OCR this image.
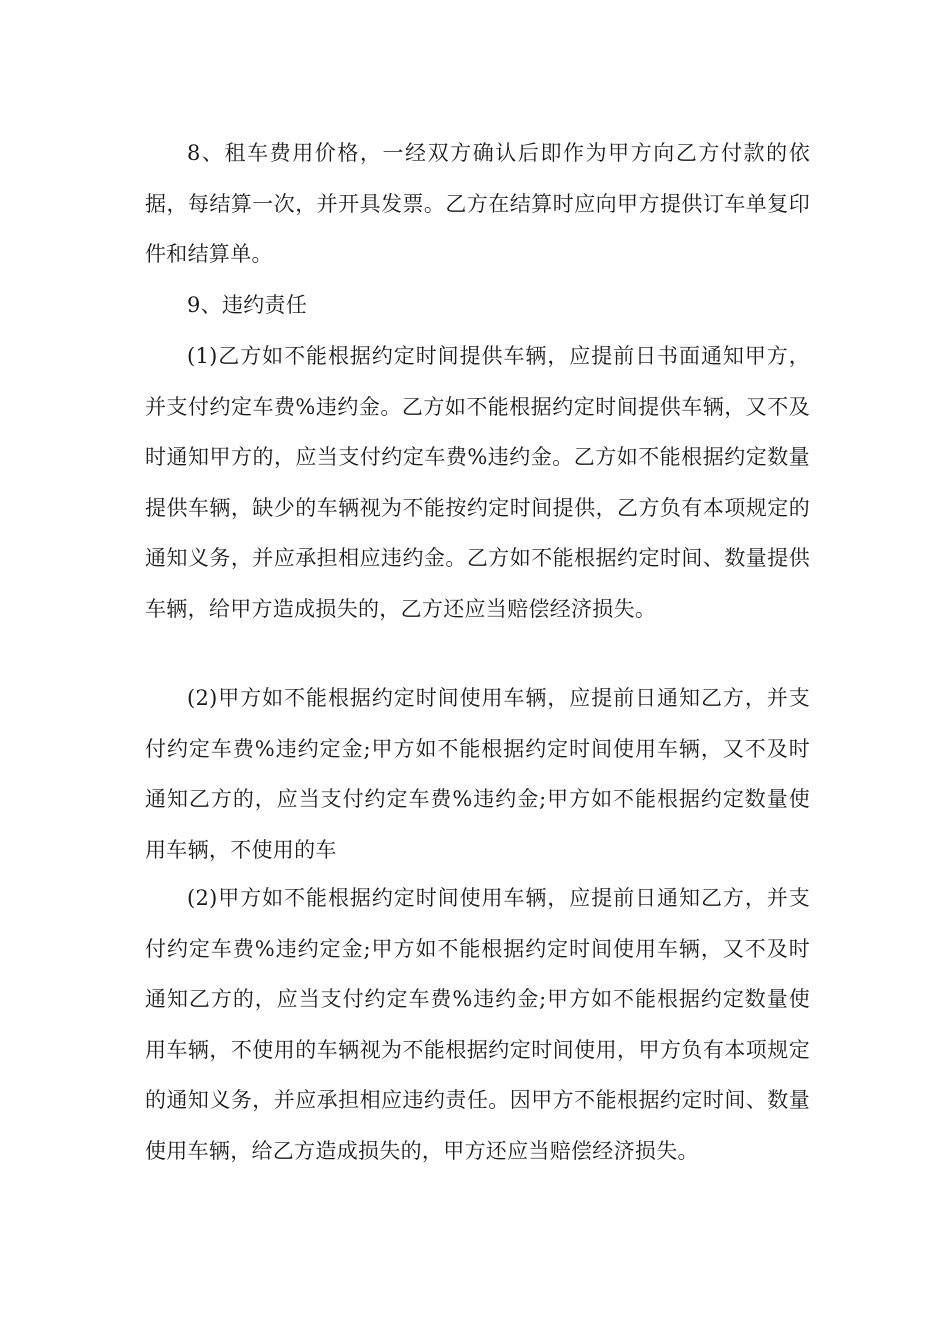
8、租车费用价格，一经双方确认后即作为甲方向乙方付款的依据，每结算一次，并开具发票。乙方在结算时应向甲方提供订车单复印件和结算单。

9、违约责任

(1)乙方如不能根据约定时间提供车辆，应提前日书面通知甲方，并支付约定车费%违约金。乙方如不能根据约定时间提供车辆，又不及时通知甲方的，应当支付约定车费%违约金。乙方如不能根据约定数量提供车辆，缺少的车辆视为不能按约定时间提供，乙方负有本项规定的通知义务，并应承担相应违约金。乙方如不能根据约定时间、数量提供车辆，给甲方造成损失的，乙方还应当赔偿经济损失。

(2)甲方如不能根据约定时间使用车辆，应提前日通知乙方，并支付约定车费%违约定金;甲方如不能根据约定时间使用车辆，又不及时通知乙方的，应当支付约定车费%违约金;甲方如不能根据约定数量使用车辆，不使用的车

(2)甲方如不能根据约定时间使用车辆，应提前日通知乙方，并支付约定车费%违约定金;甲方如不能根据约定时间使用车辆，又不及时通知乙方的，应当支付约定车费%违约金;甲方如不能根据约定数量使用车辆，不使用的车辆视为不能根据约定时间使用，甲方负有本项规定的通知义务，并应承担相应违约责任。因甲方不能根据约定时间、数量使用车辆，给乙方造成损失的，甲方还应当赔偿经济损失。
